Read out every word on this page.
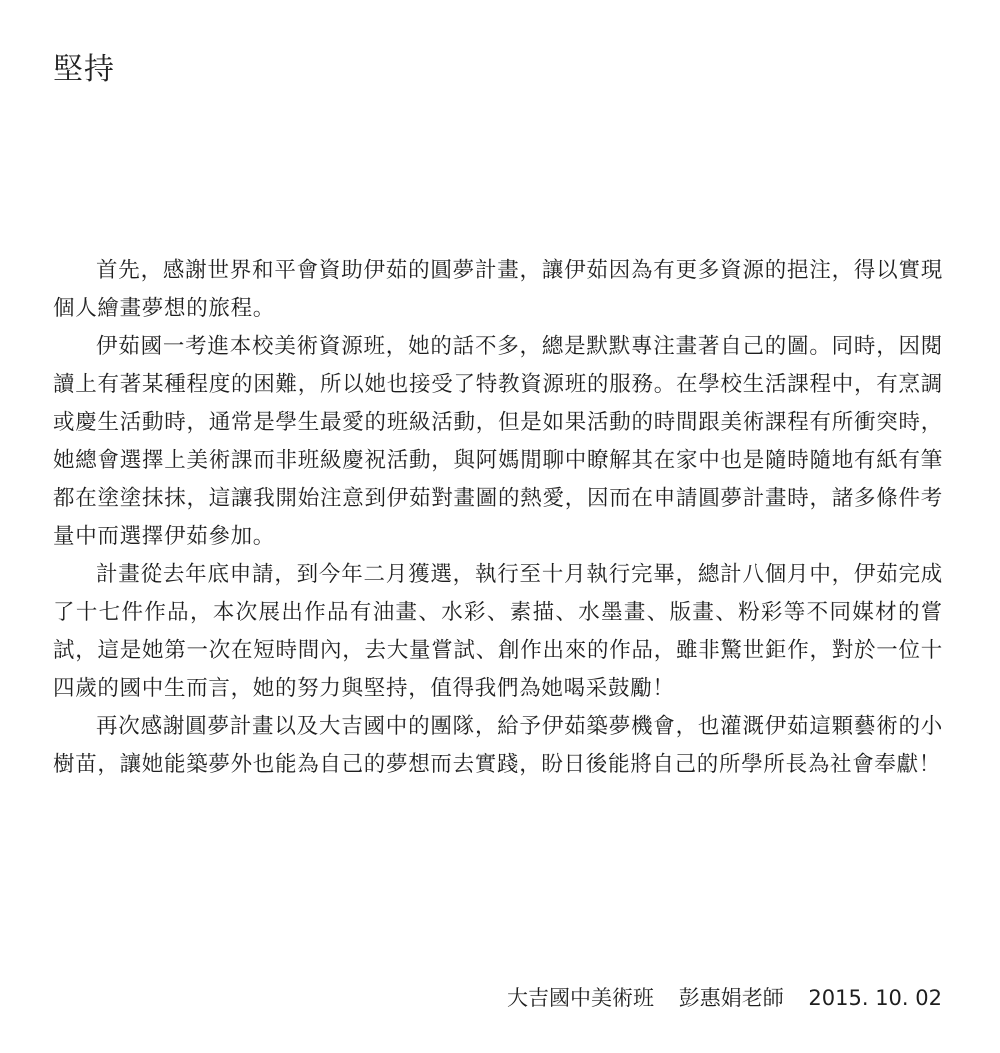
堅持

首先，感謝世界和平會資助伊茹的圓夢計畫，讓伊茹因為有更多資源的挹注，得以實現個人繪畫夢想的旅程。

伊茹國一考進本校美術資源班，她的話不多，總是默默專注畫著自己的圖。同時，因閱讀上有著某種程度的困難，所以她也接受了特教資源班的服務。在學校生活課程中，有烹調或慶生活動時，通常是學生最愛的班級活動，但是如果活動的時間跟美術課程有所衝突時，她總會選擇上美術課而非班級慶祝活動，與阿媽閒聊中瞭解其在家中也是隨時隨地有紙有筆都在塗塗抹抹，這讓我開始注意到伊茹對畫圖的熱愛，因而在申請圓夢計畫時，諸多條件考量中而選擇伊茹參加。

計畫從去年底申請，到今年二月獲選，執行至十月執行完畢，總計八個月中，伊茹完成了十七件作品，本次展出作品有油畫、水彩、素描、水墨畫、版畫、粉彩等不同媒材的嘗試，這是她第一次在短時間內，去大量嘗試、創作出來的作品，雖非驚世鉅作，對於一位十四歲的國中生而言，她的努力與堅持，值得我們為她喝采鼓勵！

再次感謝圓夢計畫以及大吉國中的團隊，給予伊茹築夢機會，也灌溉伊茹這顆藝術的小樹苗，讓她能築夢外也能為自己的夢想而去實踐，盼日後能將自己的所學所長為社會奉獻！

大吉國中美術班 彭惠娟老師 2015. 10. 02
